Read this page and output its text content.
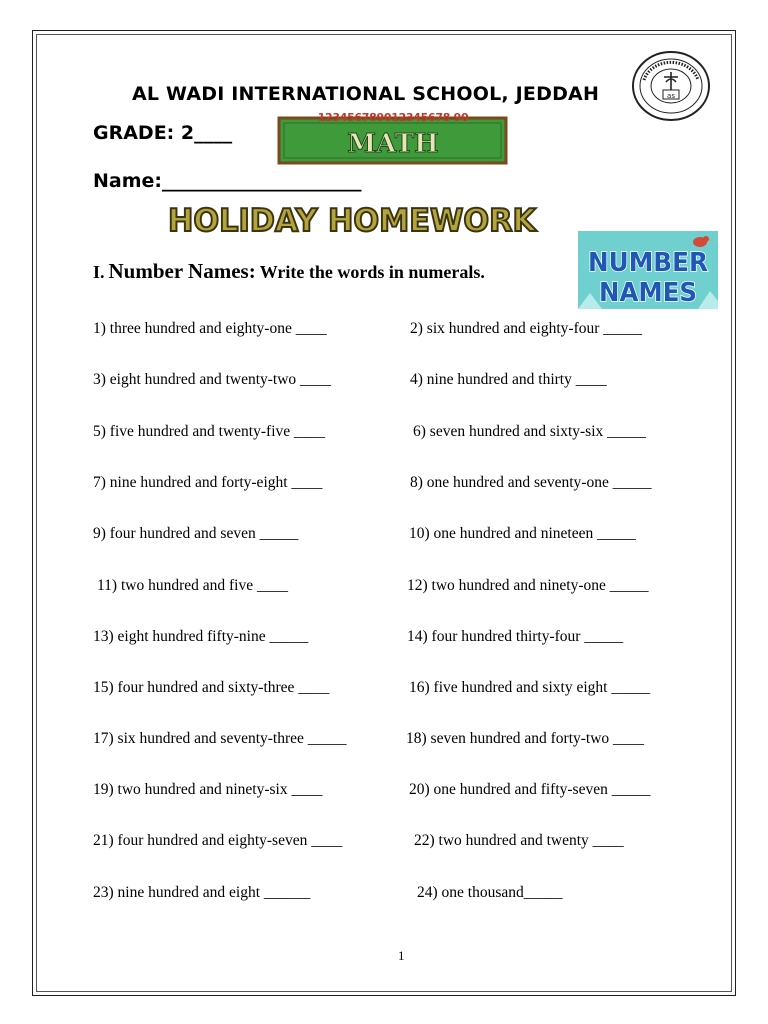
AL WADI INTERNATIONAL SCHOOL, JEDDAH	as
GRADE: 2____
123456789012345678 90
MATH
Name:_____________________
HOLIDAY HOMEWORK
I. Number Names: Write the words in numerals.	NUMBER
NAMES
1) three hundred and eighty-one ____	2) six hundred and eighty-four _____
3) eight hundred and twenty-two ____	4) nine hundred and thirty ____
5) five hundred and twenty-five ____	6) seven hundred and sixty-six _____
7) nine hundred and forty-eight ____	8) one hundred and seventy-one _____
9) four hundred and seven _____	10) one hundred and nineteen _____
11) two hundred and five ____	12) two hundred and ninety-one _____
13) eight hundred fifty-nine _____	14) four hundred thirty-four _____
15) four hundred and sixty-three ____	16) five hundred and sixty eight _____
17) six hundred and seventy-three _____	18) seven hundred and forty-two ____
19) two hundred and ninety-six ____	20) one hundred and fifty-seven _____
21) four hundred and eighty-seven ____	22) two hundred and twenty ____
23) nine hundred and eight ______	24) one thousand_____
1
